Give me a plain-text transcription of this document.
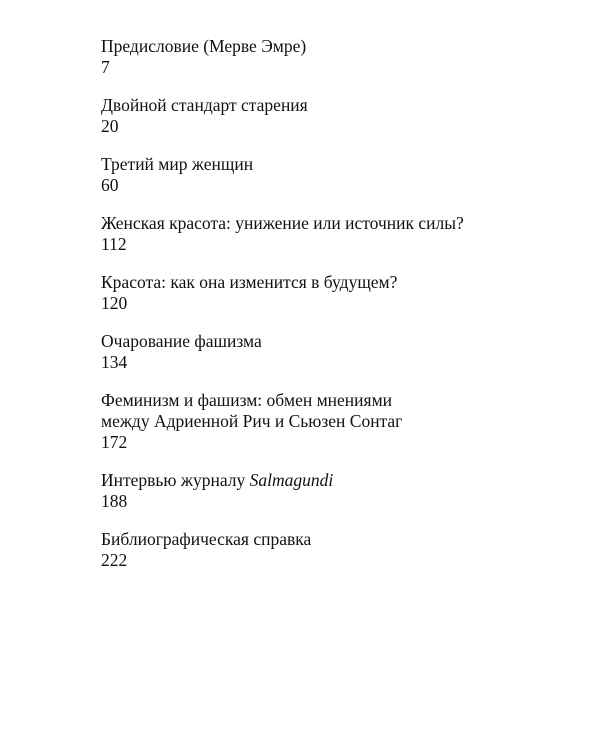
Предисловие (Мерве Эмре)
7
Двойной стандарт старения
20
Третий мир женщин
60
Женская красота: унижение или источник силы?
112
Красота: как она изменится в будущем?
120
Очарование фашизма
134
Феминизм и фашизм: обмен мнениями
между Адриенной Рич и Сьюзен Сонтаг
172
Интервью журналу Salmagundi
188
Библиографическая справка
222
